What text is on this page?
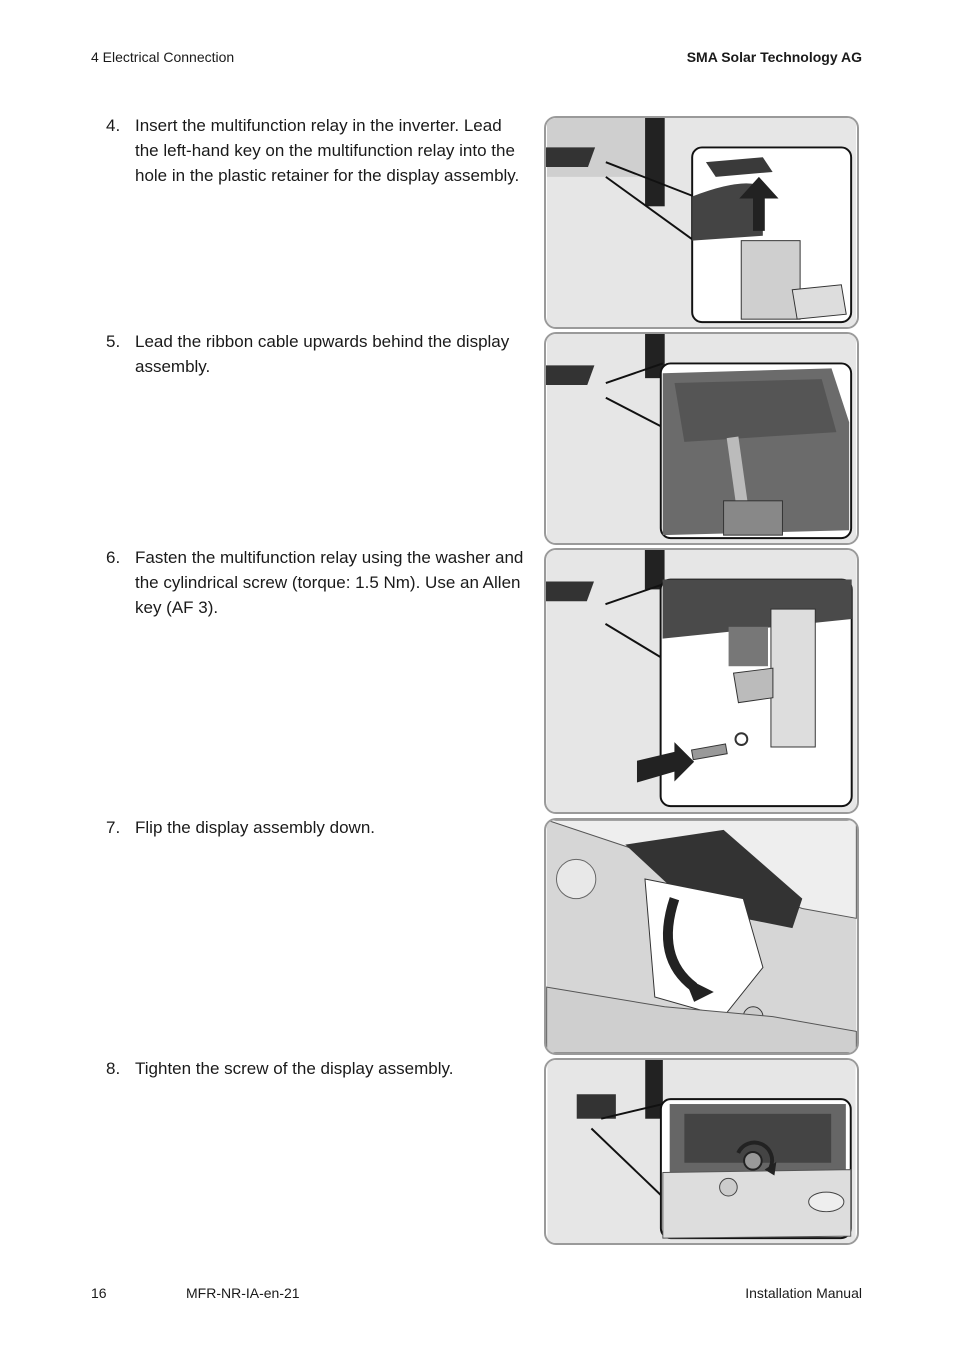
4 Electrical Connection	SMA Solar Technology AG
4. Insert the multifunction relay in the inverter. Lead the left-hand key on the multifunction relay into the hole in the plastic retainer for the display assembly.
5. Lead the ribbon cable upwards behind the display assembly.
6. Fasten the multifunction relay using the washer and the cylindrical screw (torque: 1.5 Nm). Use an Allen key (AF 3).
7. Flip the display assembly down.
8. Tighten the screw of the display assembly.
16	MFR-NR-IA-en-21	Installation Manual
